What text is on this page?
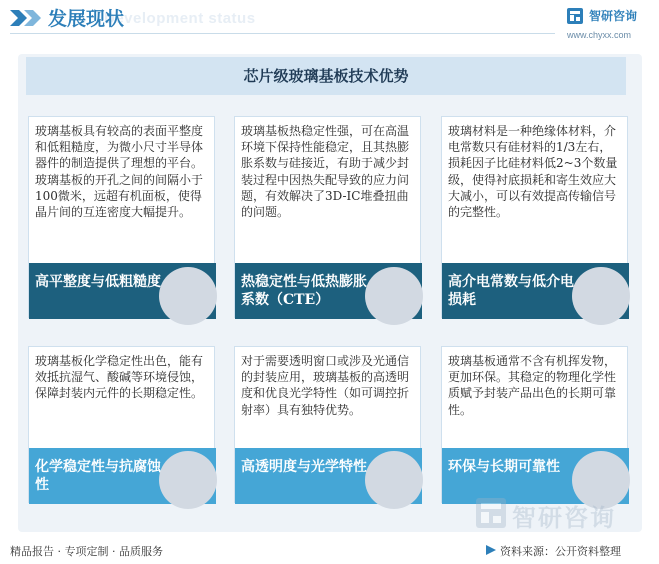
Development status
发展现状	智研咨询
www.chyxx.com
芯片级玻璃基板技术优势
玻璃基板具有较高的表面平整度和低粗糙度，为微小尺寸半导体器件的制造提供了理想的平台。玻璃基板的开孔之间的间隔小于100微米，远超有机面板，使得晶片间的互连密度大幅提升。
高平整度与低粗糙度
玻璃基板热稳定性强，可在高温环境下保持性能稳定，且其热膨胀系数与硅接近，有助于减少封装过程中因热失配导致的应力问题，有效解决了3D-IC堆叠扭曲的问题。
热稳定性与低热膨胀系数（CTE）
玻璃材料是一种绝缘体材料，介电常数只有硅材料的1/3左右，损耗因子比硅材料低2~3个数量级，使得衬底损耗和寄生效应大大减小，可以有效提高传输信号的完整性。
高介电常数与低介电损耗
玻璃基板化学稳定性出色，能有效抵抗湿气、酸碱等环境侵蚀，保障封装内元件的长期稳定性。
化学稳定性与抗腐蚀性
对于需要透明窗口或涉及光通信的封装应用，玻璃基板的高透明度和优良光学特性（如可调控折射率）具有独特优势。
高透明度与光学特性
玻璃基板通常不含有机挥发物，更加环保。其稳定的物理化学性质赋予封装产品出色的长期可靠性。
环保与长期可靠性
智研咨询
精品报告 · 专项定制 · 品质服务	资料来源：公开资料整理
